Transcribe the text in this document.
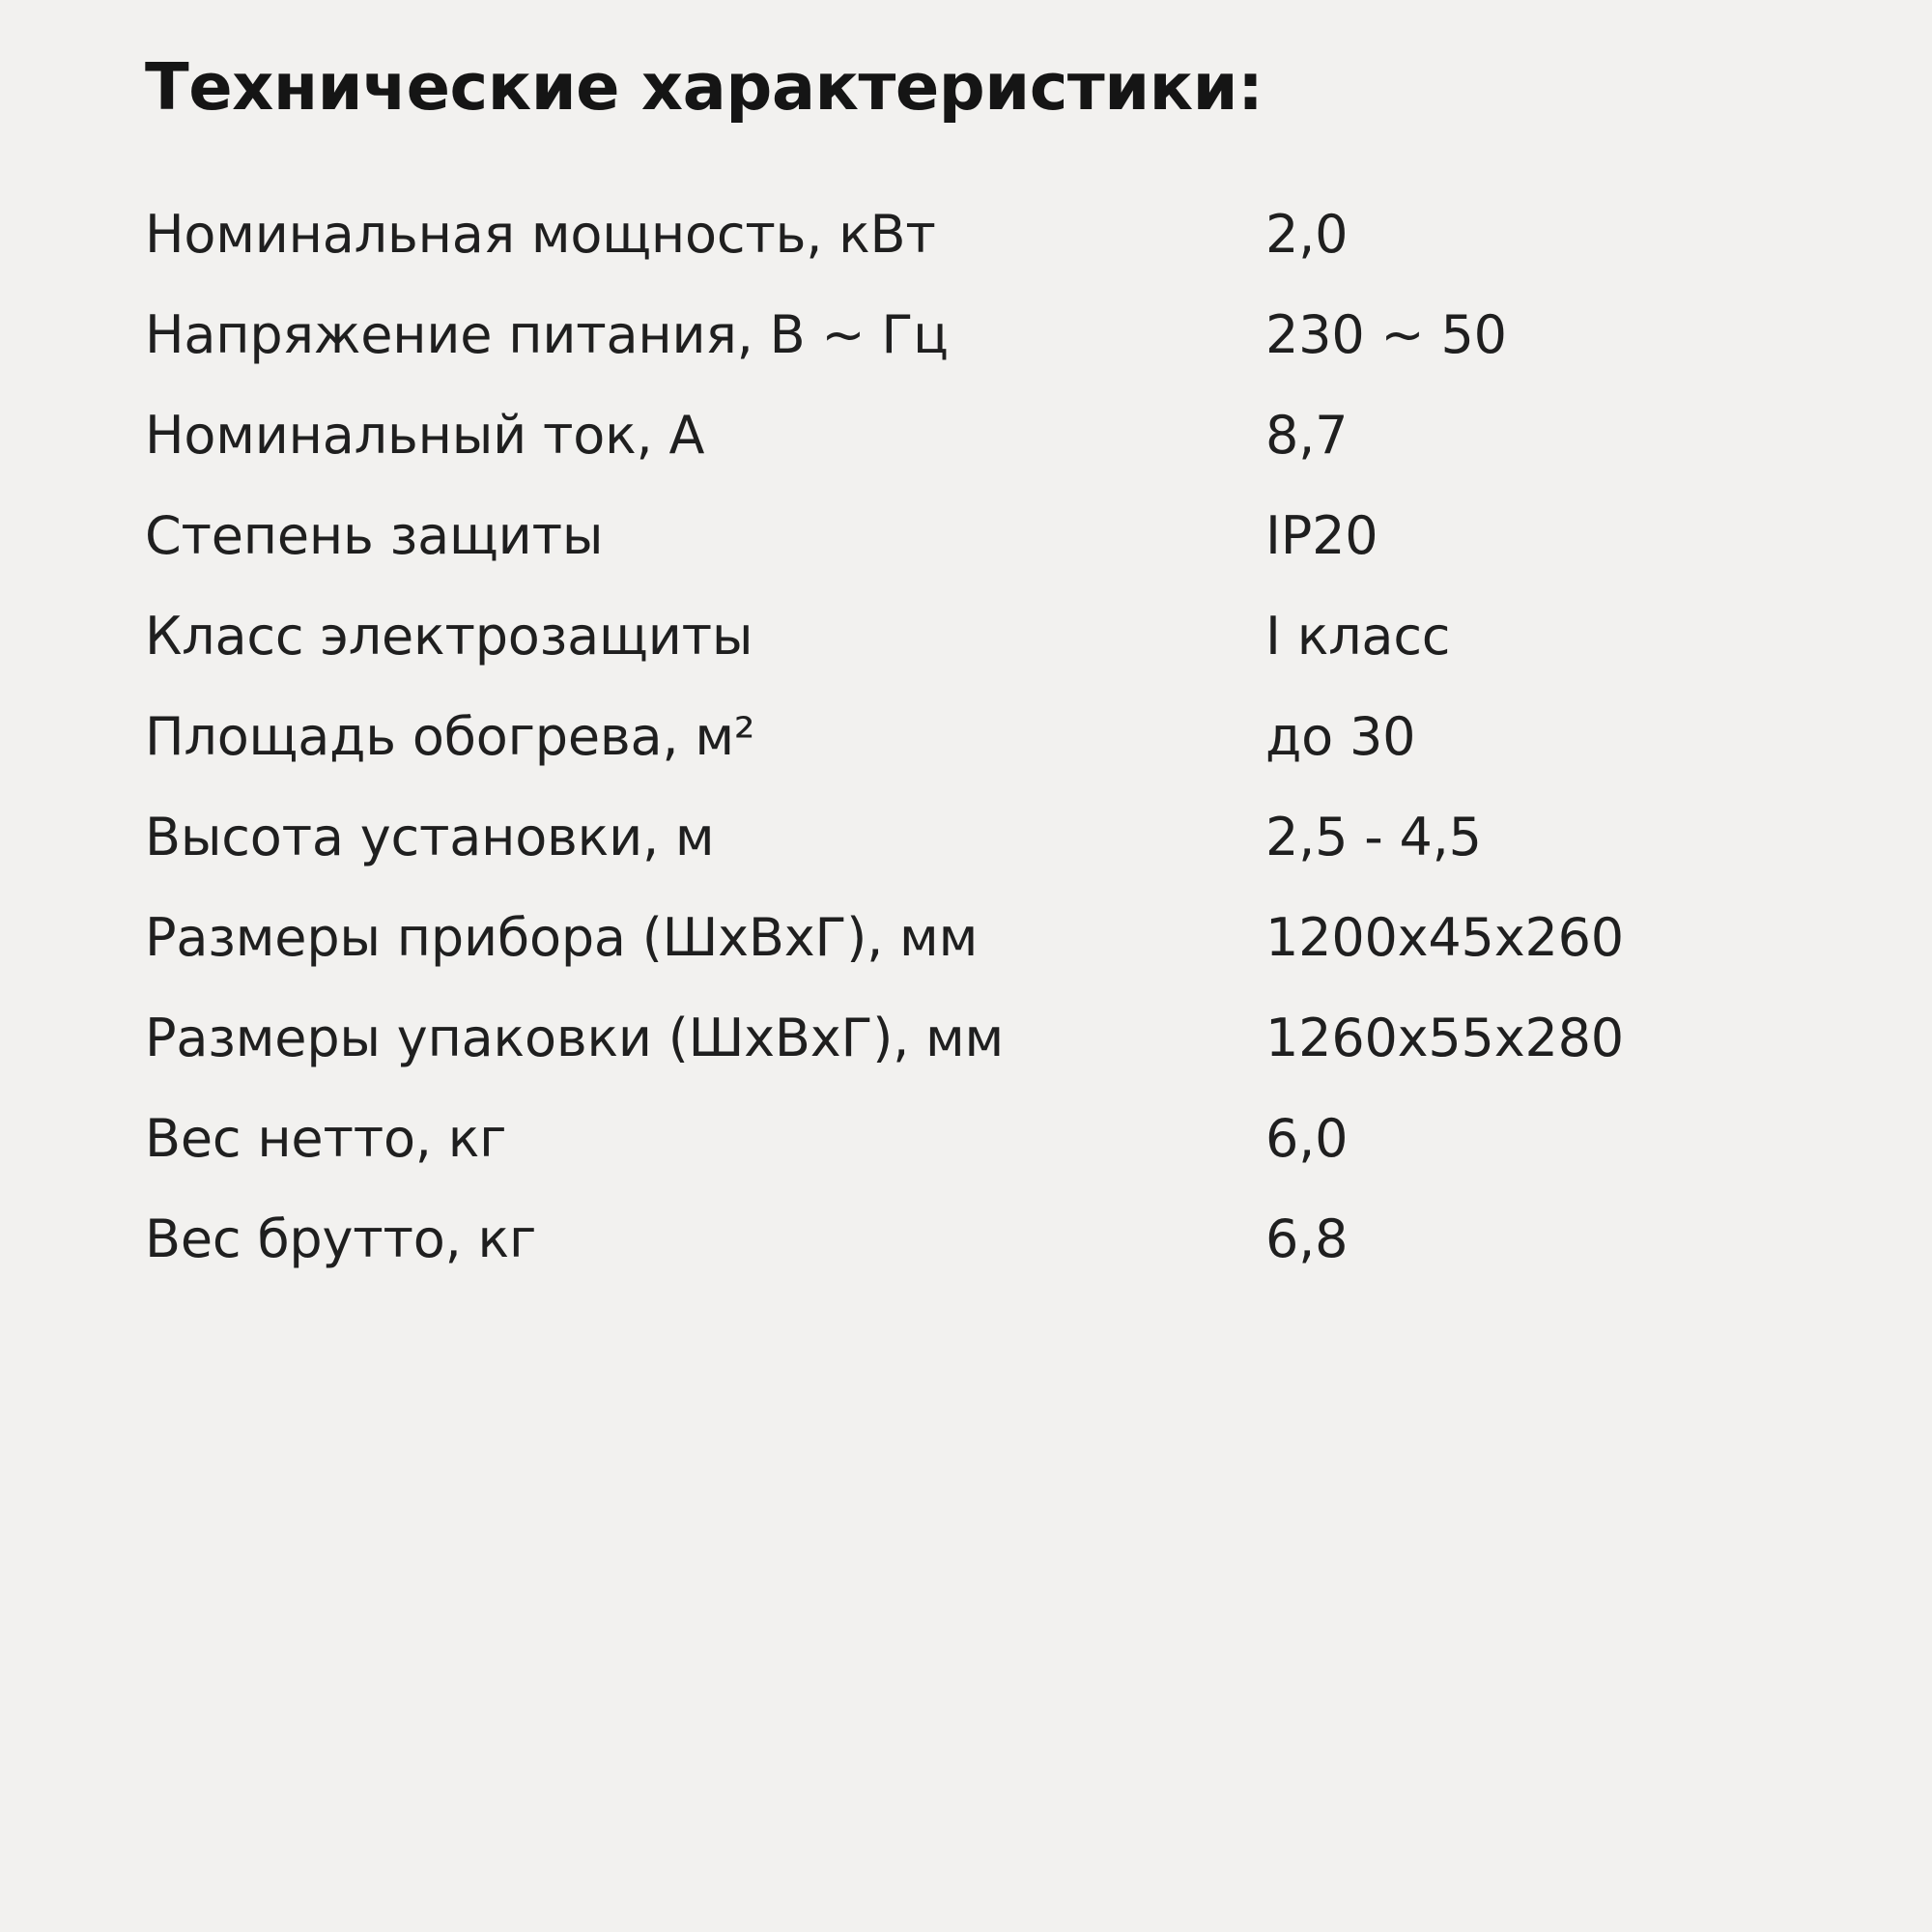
Технические характеристики:
Номинальная мощность, кВт	2,0
Напряжение питания, В ~ Гц	230 ~ 50
Номинальный ток, А	8,7
Степень защиты	IP20
Класс электрозащиты	I класс
Площадь обогрева, м²	до 30
Высота установки, м	2,5 - 4,5
Размеры прибора (ШхВхГ), мм	1200x45x260
Размеры упаковки (ШхВхГ), мм	1260x55x280
Вес нетто, кг	6,0
Вес брутто, кг	6,8
